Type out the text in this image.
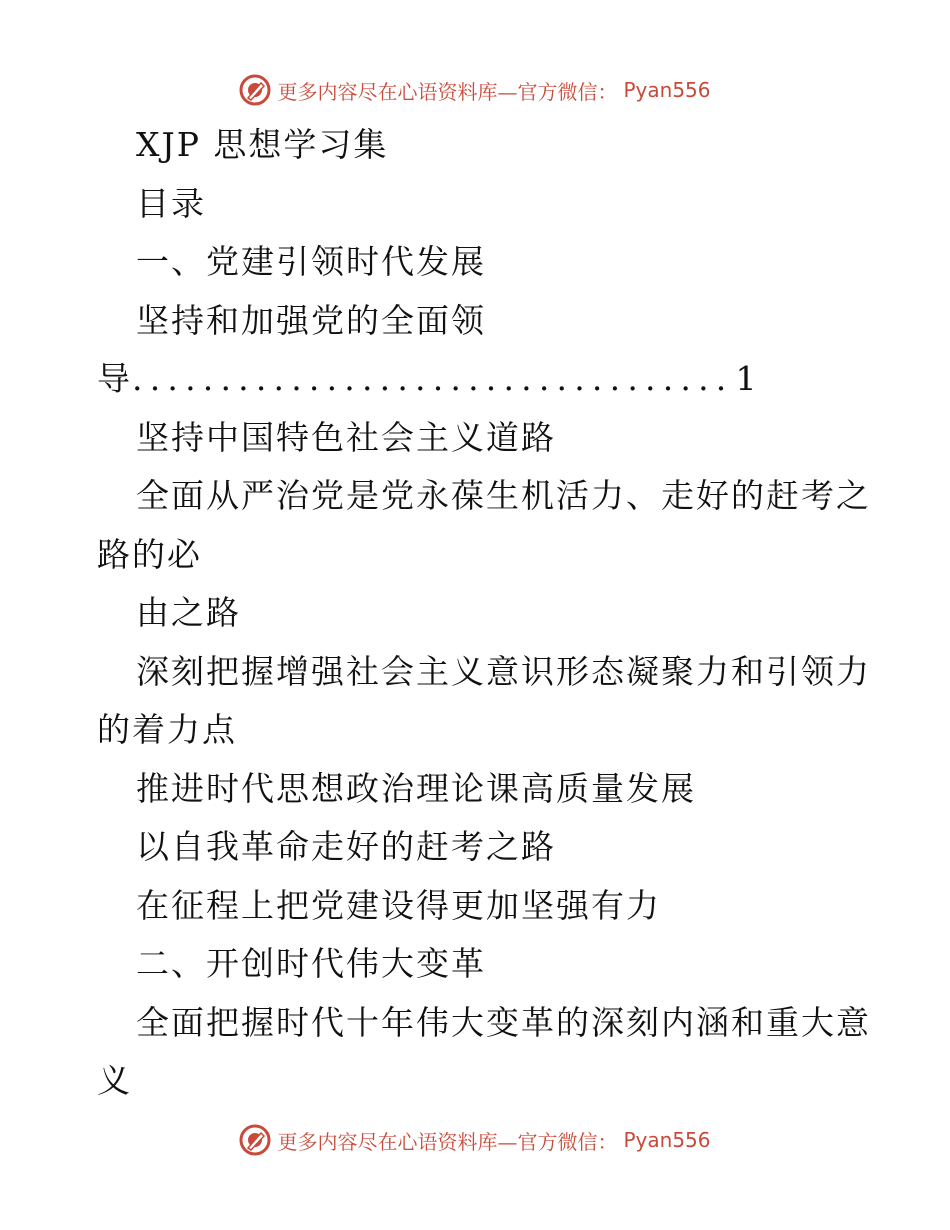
更多内容尽在心语资料库—官方微信： Pyan556
XJP 思想学习集
目录
一、党建引领时代发展
坚持和加强党的全面领
导 .................................. 1
坚持中国特色社会主义道路
全面从严治党是党永葆生机活力、走好的赶考之
路的必
由之路
深刻把握增强社会主义意识形态凝聚力和引领力
的着力点
推进时代思想政治理论课高质量发展
以自我革命走好的赶考之路
在征程上把党建设得更加坚强有力
二、开创时代伟大变革
全面把握时代十年伟大变革的深刻内涵和重大意
义
更多内容尽在心语资料库—官方微信： Pyan556
